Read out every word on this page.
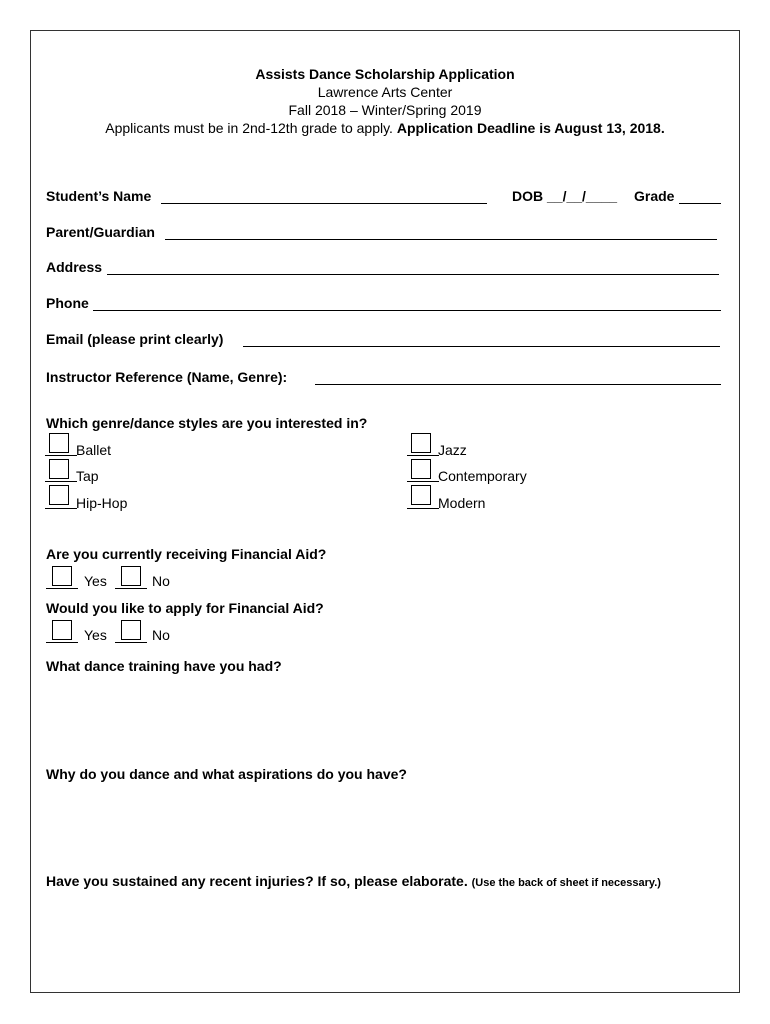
Assists Dance Scholarship Application
Lawrence Arts Center
Fall 2018 – Winter/Spring 2019
Applicants must be in 2nd-12th grade to apply. Application Deadline is August 13, 2018.
Student’s Name	DOB __/__/____ Grade
Parent/Guardian
Address
Phone
Email (please print clearly)
Instructor Reference (Name, Genre):
Which genre/dance styles are you interested in?
Ballet
Tap
Hip-Hop
Jazz
Contemporary
Modern
Are you currently receiving Financial Aid?
Yes	No
Would you like to apply for Financial Aid?
Yes	No
What dance training have you had?
Why do you dance and what aspirations do you have?
Have you sustained any recent injuries? If so, please elaborate. (Use the back of sheet if necessary.)
